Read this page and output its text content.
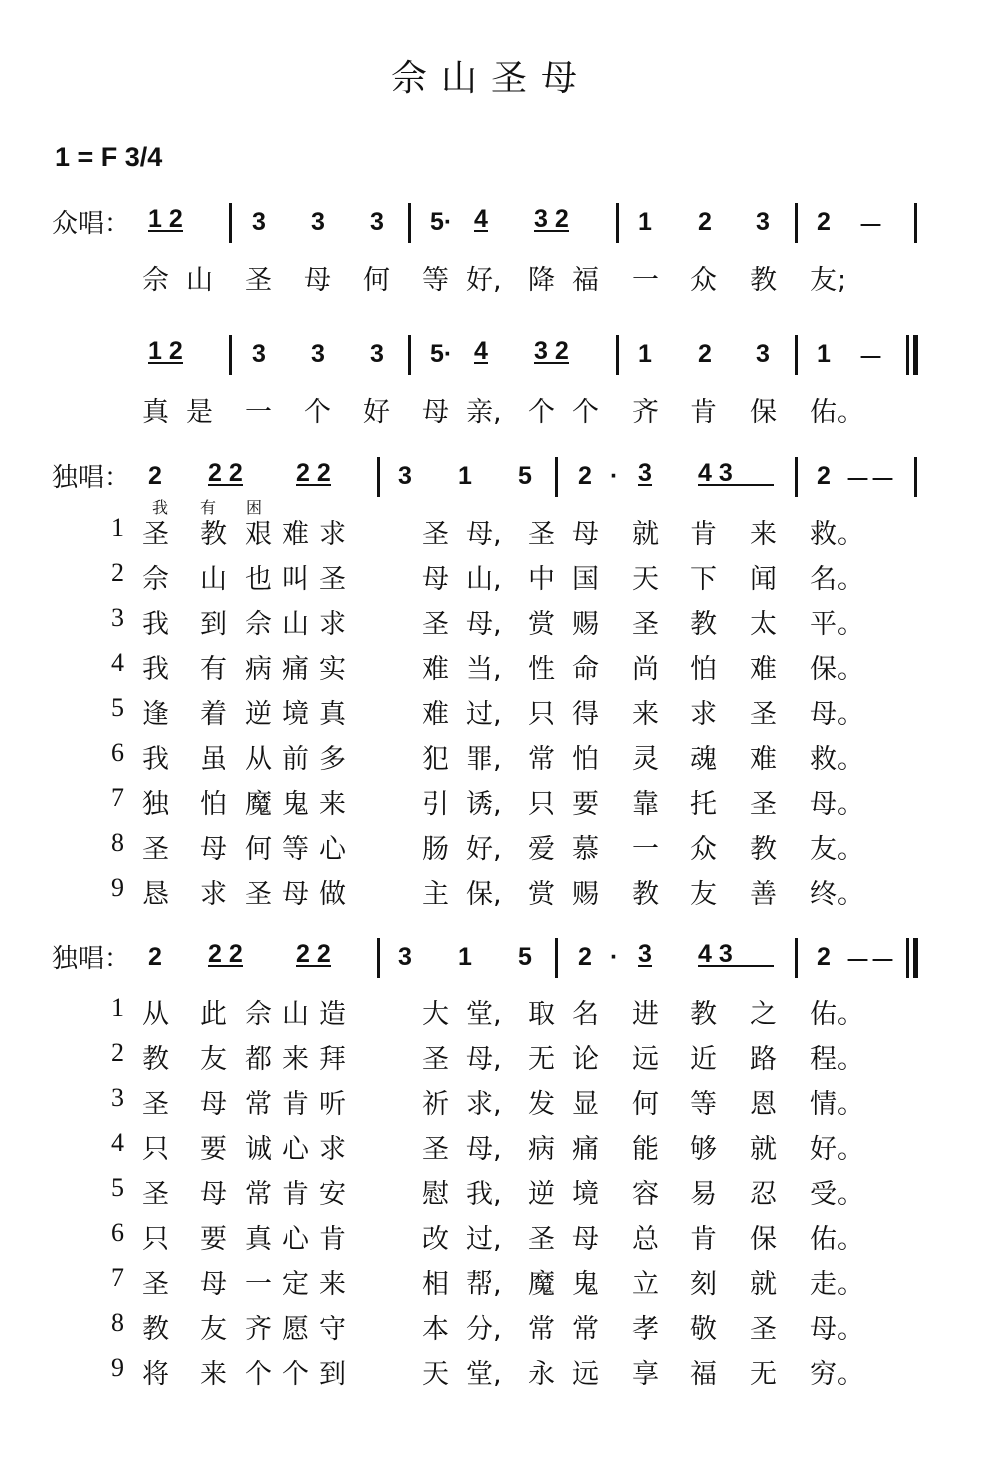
佘山圣母
1 = F 3/4
众唱： 1 2	3 3 3 5· 4 3 2	1 2 3 2 －
佘 山 圣 母 何 等 好, 降 福 一 众 教 友;
1 2	3 3 3 5· 4 3 2	1 2 3 1 －
真 是 一 个 好 母 亲, 个 个 齐 肯 保 佑。
独唱： 2 2 2 2 2	3 1 5 2 · 3 4 3	2 －－
我 有 困
1 圣 教 艰难求 圣 母, 圣 母 就 肯 来 救。
2 佘 山 也叫圣 母 山, 中 国 天 下 闻 名。
3 我 到 佘山求 圣 母, 赏 赐 圣 教 太 平。
4 我 有 病痛实 难 当, 性 命 尚 怕 难 保。
5 逢 着 逆境真 难 过, 只 得 来 求 圣 母。
6 我 虽 从前多 犯 罪, 常 怕 灵 魂 难 救。
7 独 怕 魔鬼来 引 诱, 只 要 靠 托 圣 母。
8 圣 母 何等心 肠 好, 爱 慕 一 众 教 友。
9 恳 求 圣母做 主 保, 赏 赐 教 友 善 终。
独唱： 2 2 2 2 2	3 1 5 2 · 3 4 3	2 －－
1 从 此 佘山造 大 堂, 取 名 进 教 之 佑。
2 教 友 都来拜 圣 母, 无 论 远 近 路 程。
3 圣 母 常肯听 祈 求, 发 显 何 等 恩 情。
4 只 要 诚心求 圣 母, 病 痛 能 够 就 好。
5 圣 母 常肯安 慰 我, 逆 境 容 易 忍 受。
6 只 要 真心肯 改 过, 圣 母 总 肯 保 佑。
7 圣 母 一定来 相 帮, 魔 鬼 立 刻 就 走。
8 教 友 齐愿守 本 分, 常 常 孝 敬 圣 母。
9 将 来 个个到 天 堂, 永 远 享 福 无 穷。
